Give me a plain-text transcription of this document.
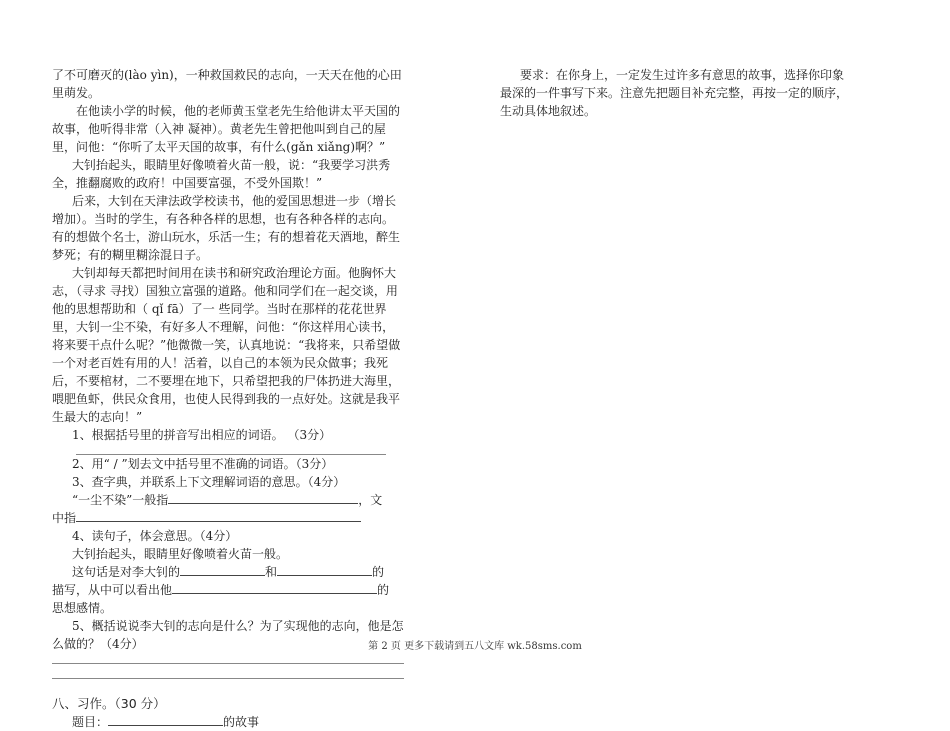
了不可磨灭的(lào yìn)，一种救国救民的志向，一天天在他的心田里萌发。

在他读小学的时候，他的老师黄玉堂老先生给他讲太平天国的故事，他听得非常（入神 凝神）。黄老先生曾把他叫到自己的屋里，问他：“你听了太平天国的故事，有什么(gǎn xiǎng)啊？”

大钊抬起头，眼睛里好像喷着火苗一般，说：“我要学习洪秀全，推翻腐败的政府！中国要富强，不受外国欺！”

后来，大钊在天津法政学校读书，他的爱国思想进一步（增长 增加）。当时的学生，有各种各样的思想，也有各种各样的志向。有的想做个名士，游山玩水，乐活一生；有的想着花天酒地，醉生梦死；有的糊里糊涂混日子。

大钊却每天都把时间用在读书和研究政治理论方面。他胸怀大志，（寻求 寻找）国独立富强的道路。他和同学们在一起交谈，用他的思想帮助和（ qǐ fā）了一 些同学。当时在那样的花花世界里，大钊一尘不染，有好多人不理解，问他：“你这样用心读书，将来要干点什么呢？”他微微一笑，认真地说：“我将来，只希望做一个对老百姓有用的人！活着，以自己的本领为民众做事；我死后，不要棺材，二不要埋在地下，只希望把我的尸体扔进大海里，喂肥鱼虾，供民众食用，也使人民得到我的一点好处。这就是我平生最大的志向！”

1、根据括号里的拼音写出相应的词语。 （3分）

2、用“ / ”划去文中括号里不准确的词语。（3分）

3、查字典，并联系上下文理解词语的意思。（4分）

“一尘不染”一般指	，文

中指

4、读句子，体会意思。（4分）

大钊抬起头，眼睛里好像喷着火苗一般。

这句话是对李大钊的	和	的

描写，从中可以看出他	的

思想感情。

5、概括说说李大钊的志向是什么？为了实现他的志向，他是怎么做的？（4分）

八、习作。（30 分）

题目：	的故事

要求：在你身上，一定发生过许多有意思的故事，选择你印象最深的一件事写下来。注意先把题目补充完整，再按一定的顺序，生动具体地叙述。

第 2 页 更多下载请到五八文库 wk.58sms.com
